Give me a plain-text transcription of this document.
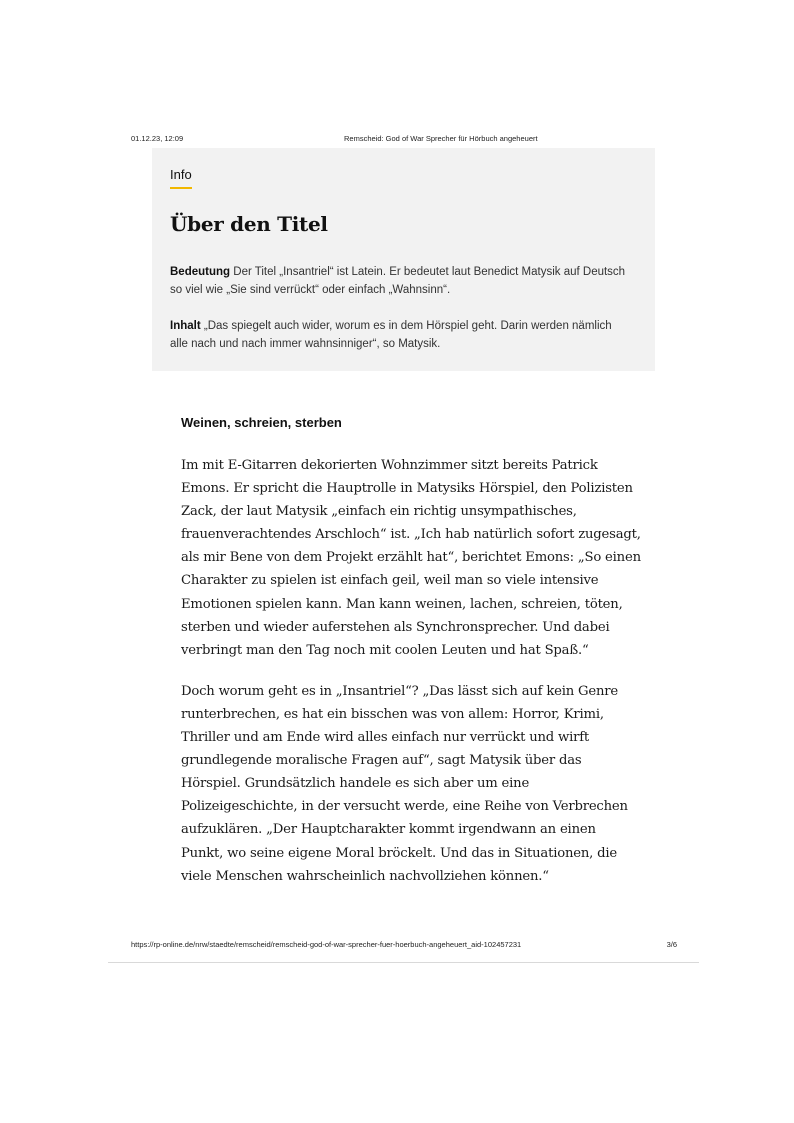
01.12.23, 12:09	Remscheid: God of War Sprecher für Hörbuch angeheuert
Info
Über den Titel
Bedeutung Der Titel „Insantriel“ ist Latein. Er bedeutet laut Benedict Matysik auf Deutsch so viel wie „Sie sind verrückt“ oder einfach „Wahnsinn“.
Inhalt „Das spiegelt auch wider, worum es in dem Hörspiel geht. Darin werden nämlich alle nach und nach immer wahnsinniger“, so Matysik.
Weinen, schreien, sterben

Im mit E-Gitarren dekorierten Wohnzimmer sitzt bereits Patrick Emons. Er spricht die Hauptrolle in Matysiks Hörspiel, den Polizisten Zack, der laut Matysik „einfach ein richtig unsympathisches, frauenverachtendes Arschloch“ ist. „Ich hab natürlich sofort zugesagt, als mir Bene von dem Projekt erzählt hat“, berichtet Emons: „So einen Charakter zu spielen ist einfach geil, weil man so viele intensive Emotionen spielen kann. Man kann weinen, lachen, schreien, töten, sterben und wieder auferstehen als Synchronsprecher. Und dabei verbringt man den Tag noch mit coolen Leuten und hat Spaß.“

Doch worum geht es in „Insantriel“? „Das lässt sich auf kein Genre runterbrechen, es hat ein bisschen was von allem: Horror, Krimi, Thriller und am Ende wird alles einfach nur verrückt und wirft grundlegende moralische Fragen auf“, sagt Matysik über das Hörspiel. Grundsätzlich handele es sich aber um eine Polizeigeschichte, in der versucht werde, eine Reihe von Verbrechen aufzuklären. „Der Hauptcharakter kommt irgendwann an einen Punkt, wo seine eigene Moral bröckelt. Und das in Situationen, die viele Menschen wahrscheinlich nachvollziehen können.“

https://rp-online.de/nrw/staedte/remscheid/remscheid-god-of-war-sprecher-fuer-hoerbuch-angeheuert_aid-102457231	3/6
